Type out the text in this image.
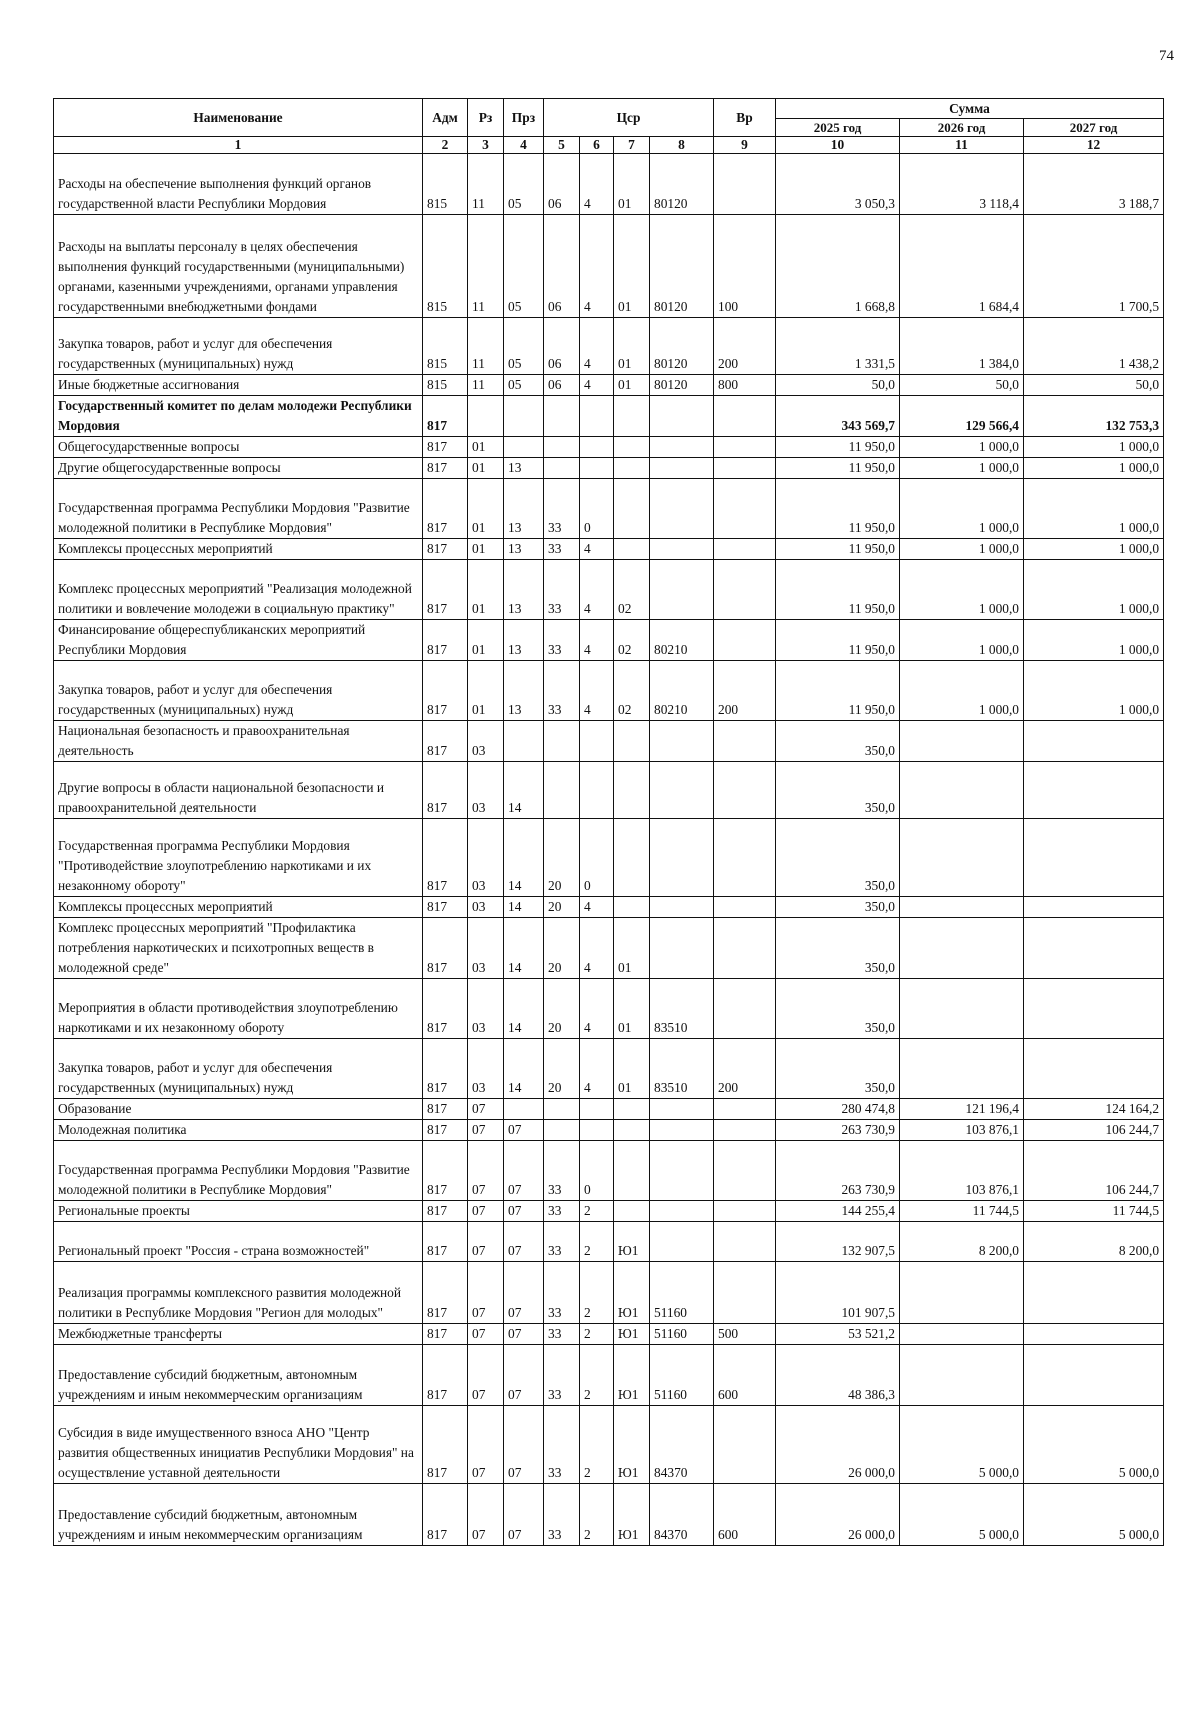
74
Наименование	Адм	Рз	Прз	Цср				Вр	Сумма		
									2025 год	2026 год	2027 год
1	2	3	4	5	6	7	8	9	10	11	12
Расходы на обеспечение выполнения функций органов государственной власти Республики Мордовия	815	11	05	06	4	01	80120		3 050,3	3 118,4	3 188,7
Расходы на выплаты персоналу в целях обеспечения выполнения функций государственными (муниципальными) органами, казенными учреждениями, органами управления государственными внебюджетными фондами	815	11	05	06	4	01	80120	100	1 668,8	1 684,4	1 700,5
Закупка товаров, работ и услуг для обеспечения государственных (муниципальных) нужд	815	11	05	06	4	01	80120	200	1 331,5	1 384,0	1 438,2
Иные бюджетные ассигнования	815	11	05	06	4	01	80120	800	50,0	50,0	50,0
Государственный комитет по делам молодежи Республики Мордовия	817								343 569,7	129 566,4	132 753,3
Общегосударственные вопросы	817	01							11 950,0	1 000,0	1 000,0
Другие общегосударственные вопросы	817	01	13						11 950,0	1 000,0	1 000,0
Государственная программа Республики Мордовия "Развитие молодежной политики в Республике Мордовия"	817	01	13	33	0				11 950,0	1 000,0	1 000,0
Комплексы процессных мероприятий	817	01	13	33	4				11 950,0	1 000,0	1 000,0
Комплекс процессных мероприятий "Реализация молодежной политики и вовлечение молодежи в социальную практику"	817	01	13	33	4	02			11 950,0	1 000,0	1 000,0
Финансирование общереспубликанских мероприятий Республики Мордовия	817	01	13	33	4	02	80210		11 950,0	1 000,0	1 000,0
Закупка товаров, работ и услуг для обеспечения государственных (муниципальных) нужд	817	01	13	33	4	02	80210	200	11 950,0	1 000,0	1 000,0
Национальная безопасность и правоохранительная деятельность	817	03							350,0		
Другие вопросы в области национальной безопасности и правоохранительной деятельности	817	03	14						350,0		
Государственная программа Республики Мордовия "Противодействие злоупотреблению наркотиками и их незаконному обороту"	817	03	14	20	0				350,0		
Комплексы процессных мероприятий	817	03	14	20	4				350,0		
Комплекс процессных мероприятий "Профилактика потребления наркотических и психотропных веществ в молодежной среде"	817	03	14	20	4	01			350,0		
Мероприятия в области противодействия злоупотреблению наркотиками и их незаконному обороту	817	03	14	20	4	01	83510		350,0		
Закупка товаров, работ и услуг для обеспечения государственных (муниципальных) нужд	817	03	14	20	4	01	83510	200	350,0		
Образование	817	07							280 474,8	121 196,4	124 164,2
Молодежная политика	817	07	07						263 730,9	103 876,1	106 244,7
Государственная программа Республики Мордовия "Развитие молодежной политики в Республике Мордовия"	817	07	07	33	0				263 730,9	103 876,1	106 244,7
Региональные проекты	817	07	07	33	2				144 255,4	11 744,5	11 744,5
Региональный проект "Россия - страна возможностей"	817	07	07	33	2	Ю1			132 907,5	8 200,0	8 200,0
Реализация программы комплексного развития молодежной политики в Республике Мордовия "Регион для молодых"	817	07	07	33	2	Ю1	51160		101 907,5		
Межбюджетные трансферты	817	07	07	33	2	Ю1	51160	500	53 521,2		
Предоставление субсидий бюджетным, автономным учреждениям и иным некоммерческим организациям	817	07	07	33	2	Ю1	51160	600	48 386,3		
Субсидия в виде имущественного взноса АНО "Центр развития общественных инициатив Республики Мордовия" на осуществление уставной деятельности	817	07	07	33	2	Ю1	84370		26 000,0	5 000,0	5 000,0
Предоставление субсидий бюджетным, автономным учреждениям и иным некоммерческим организациям	817	07	07	33	2	Ю1	84370	600	26 000,0	5 000,0	5 000,0
